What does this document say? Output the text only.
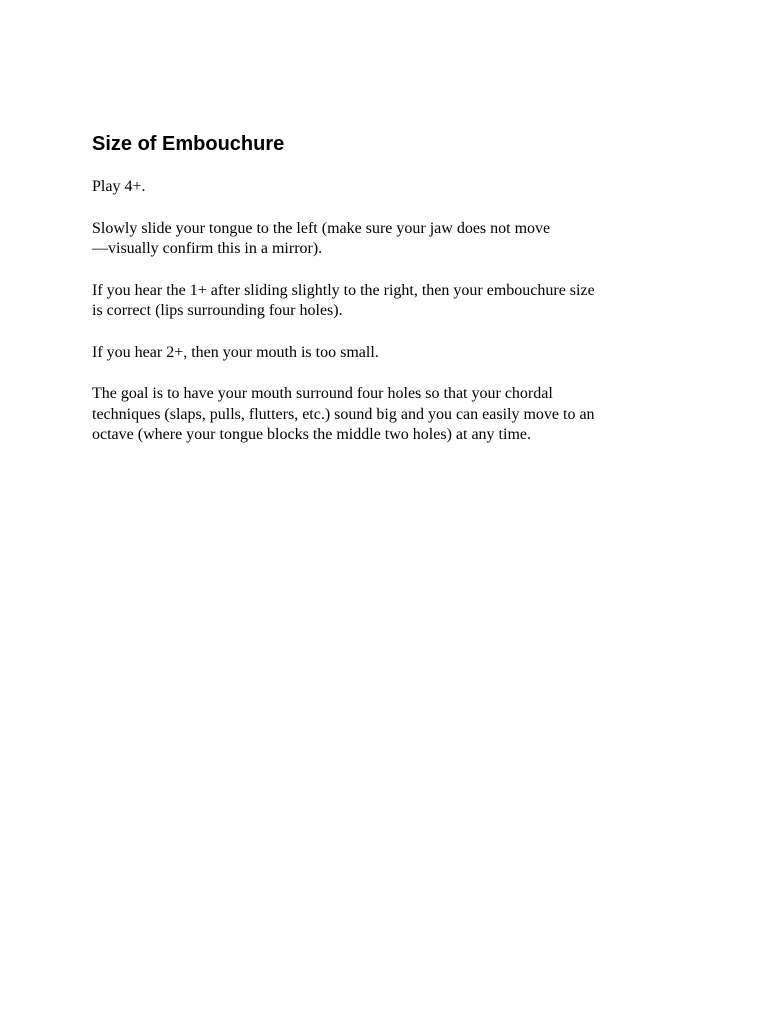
Size of Embouchure

Play 4+.

Slowly slide your tongue to the left (make sure your jaw does not move
—visually confirm this in a mirror).

If you hear the 1+ after sliding slightly to the right, then your embouchure size
is correct (lips surrounding four holes).

If you hear 2+, then your mouth is too small.

The goal is to have your mouth surround four holes so that your chordal
techniques (slaps, pulls, flutters, etc.) sound big and you can easily move to an
octave (where your tongue blocks the middle two holes) at any time.
